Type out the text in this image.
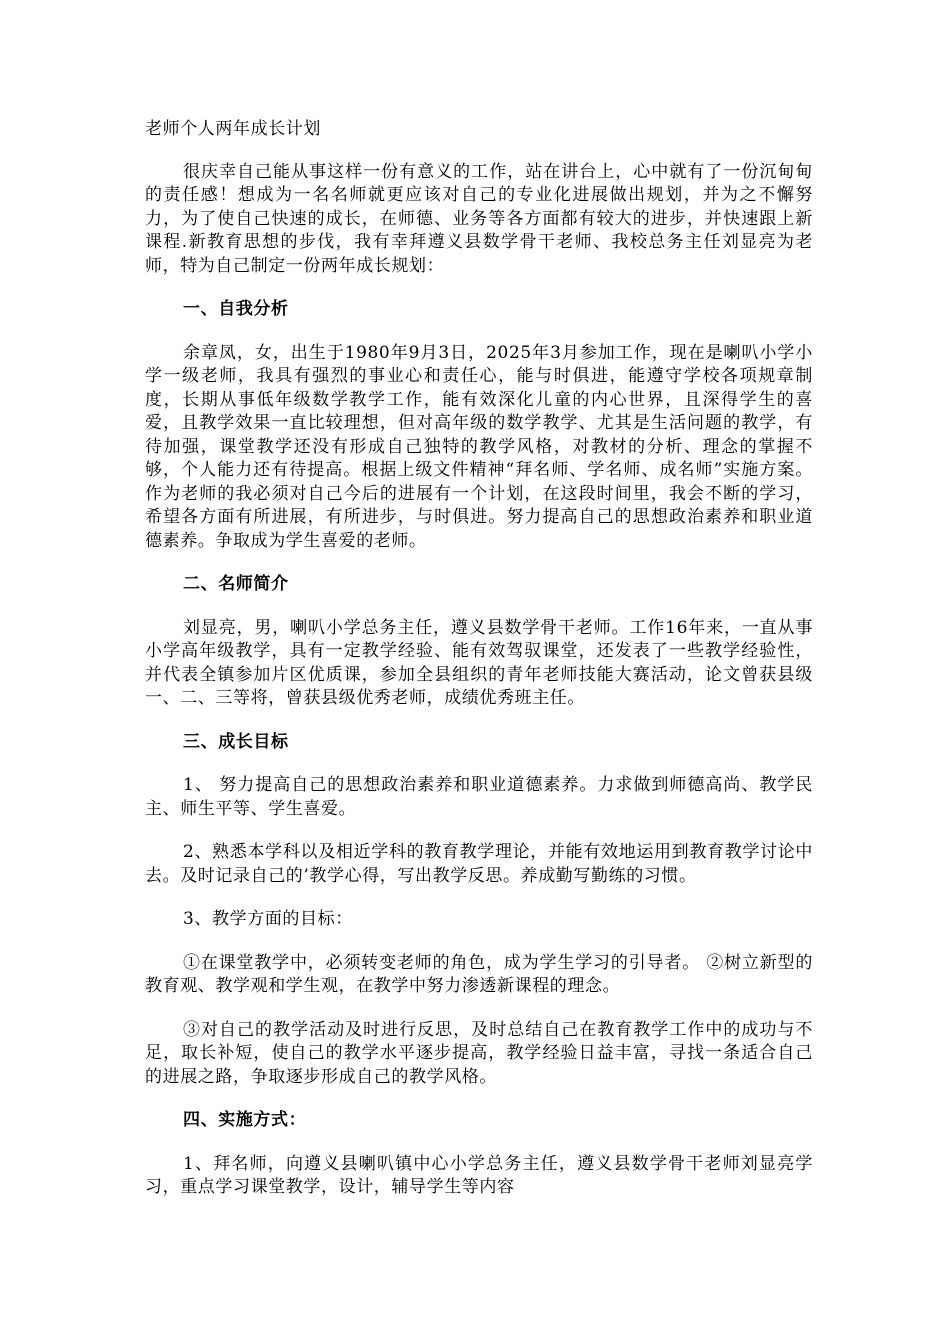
老师个人两年成长计划

很庆幸自己能从事这样一份有意义的工作，站在讲台上，心中就有了一份沉甸甸的责任感！想成为一名名师就更应该对自己的专业化进展做出规划，并为之不懈努力，为了使自己快速的成长，在师德、业务等各方面都有较大的进步，并快速跟上新课程.新教育思想的步伐，我有幸拜遵义县数学骨干老师、我校总务主任刘显亮为老师，特为自己制定一份两年成长规划：

一、自我分析

余章凤，女，出生于1980年9月3日，2025年3月参加工作，现在是喇叭小学小学一级老师，我具有强烈的事业心和责任心，能与时俱进，能遵守学校各项规章制度，长期从事低年级数学教学工作，能有效深化儿童的内心世界，且深得学生的喜爱，且教学效果一直比较理想，但对高年级的数学教学、尤其是生活问题的教学，有待加强，课堂教学还没有形成自己独特的教学风格，对教材的分析、理念的掌握不够，个人能力还有待提高。根据上级文件精神“拜名师、学名师、成名师”实施方案。作为老师的我必须对自己今后的进展有一个计划，在这段时间里，我会不断的学习，希望各方面有所进展，有所进步，与时俱进。努力提高自己的思想政治素养和职业道德素养。争取成为学生喜爱的老师。

二、名师简介

刘显亮，男，喇叭小学总务主任，遵义县数学骨干老师。工作16年来，一直从事小学高年级教学，具有一定教学经验、能有效驾驭课堂，还发表了一些教学经验性，并代表全镇参加片区优质课，参加全县组织的青年老师技能大赛活动，论文曾获县级一、二、三等将，曾获县级优秀老师，成绩优秀班主任。

三、成长目标

1、 努力提高自己的思想政治素养和职业道德素养。力求做到师德高尚、教学民主、师生平等、学生喜爱。

2、熟悉本学科以及相近学科的教育教学理论，并能有效地运用到教育教学讨论中去。及时记录自己的’教学心得，写出教学反思。养成勤写勤练的习惯。

3、教学方面的目标：

①在课堂教学中，必须转变老师的角色，成为学生学习的引导者。 ②树立新型的教育观、教学观和学生观，在教学中努力渗透新课程的理念。

③对自己的教学活动及时进行反思，及时总结自己在教育教学工作中的成功与不足，取长补短，使自己的教学水平逐步提高，教学经验日益丰富，寻找一条适合自己的进展之路，争取逐步形成自己的教学风格。

四、实施方式：

1、拜名师，向遵义县喇叭镇中心小学总务主任，遵义县数学骨干老师刘显亮学习，重点学习课堂教学，设计，辅导学生等内容
